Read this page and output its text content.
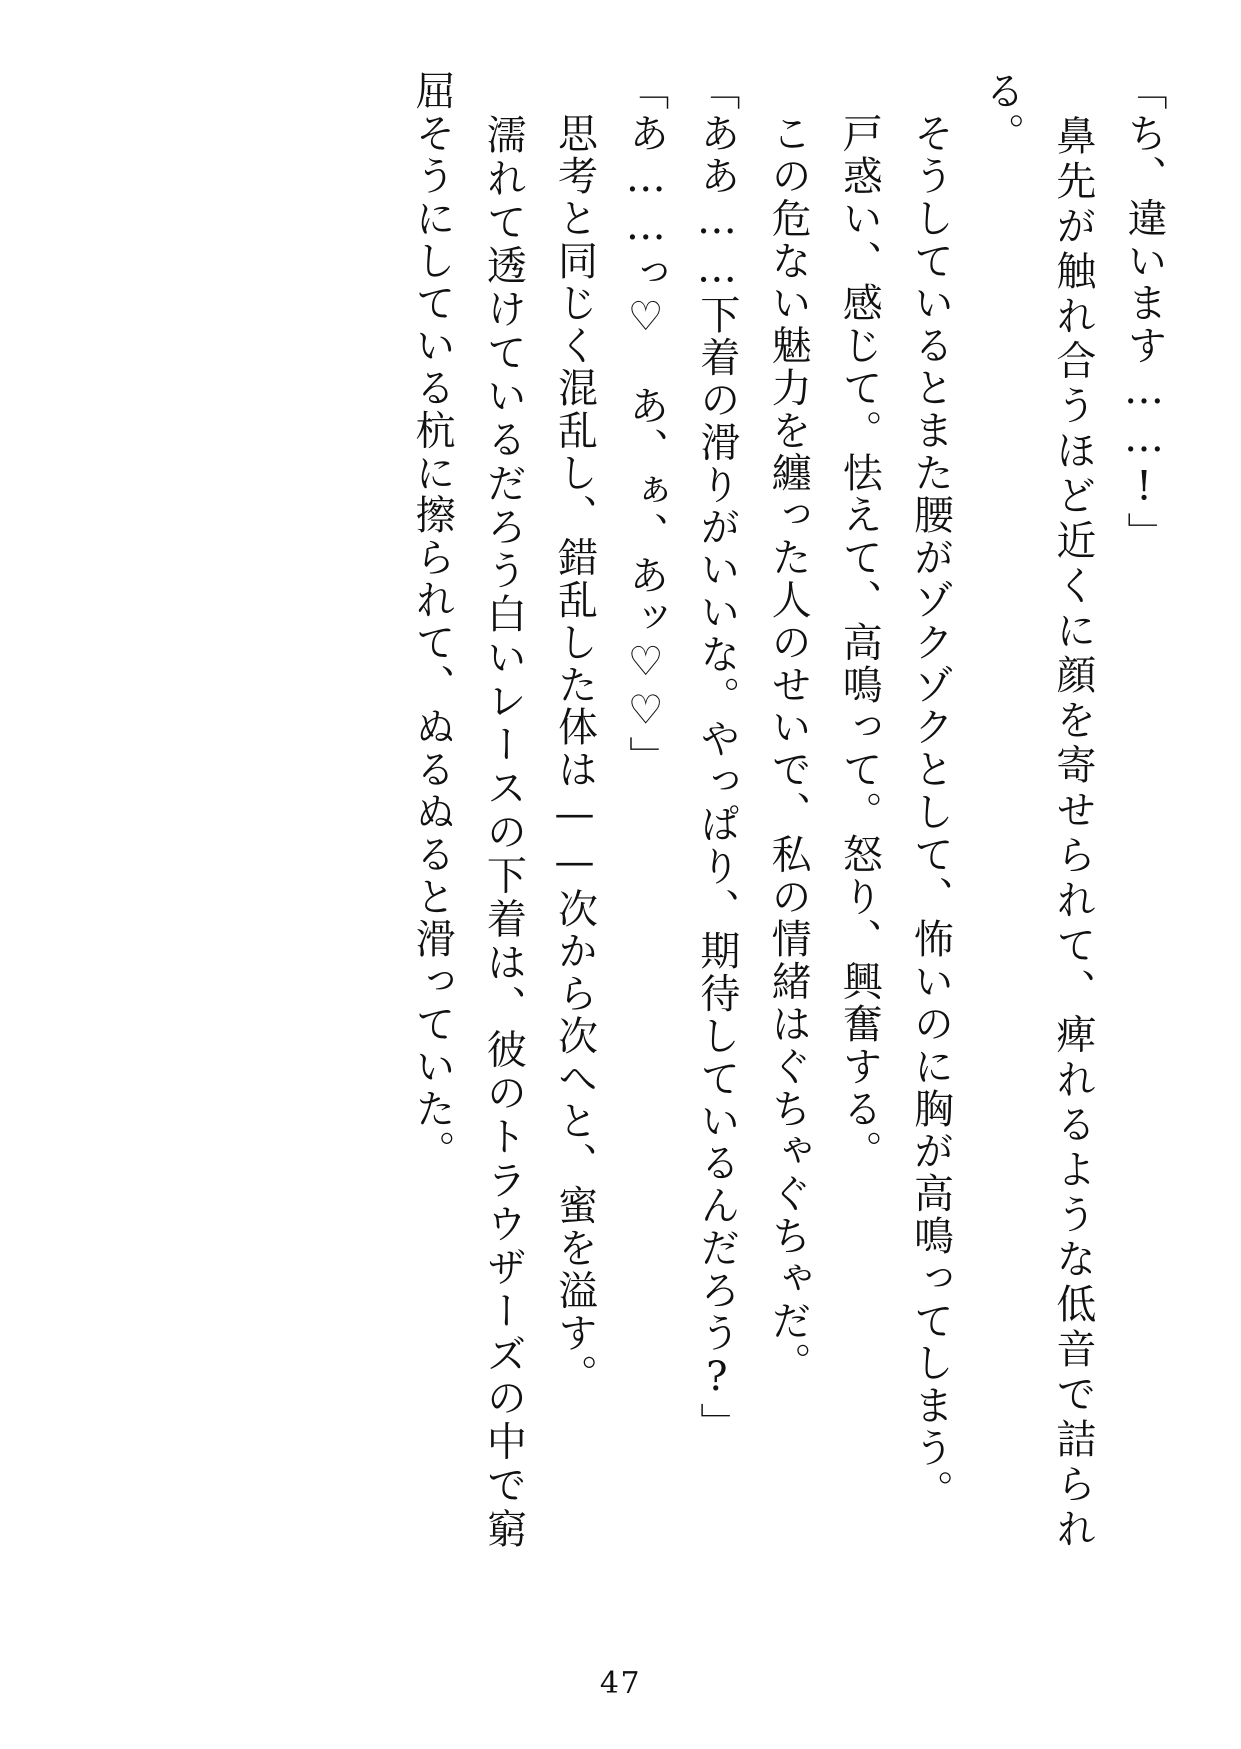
「ち、違います……!」

　鼻先が触れ合うほど近くに顔を寄せられて、痺れるような低音で詰られる。

　そうしているとまた腰がゾクゾクとして、怖いのに胸が高鳴ってしまう。

　戸惑い、感じて。怯えて、高鳴って。怒り、興奮する。

　この危ない魅力を纏った人のせいで、私の情緒はぐちゃぐちゃだ。

「ああ……下着の滑りがいいな。やっぱり、期待しているんだろう?」

「あ……っ♡　あ、ぁ、あッ♡♡」

　思考と同じく混乱し、錯乱した体は——次から次へと、蜜を溢す。

　濡れて透けているだろう白いレースの下着は、彼のトラウザーズの中で窮屈そうにしている杭に擦られて、ぬるぬると滑っていた。

47
